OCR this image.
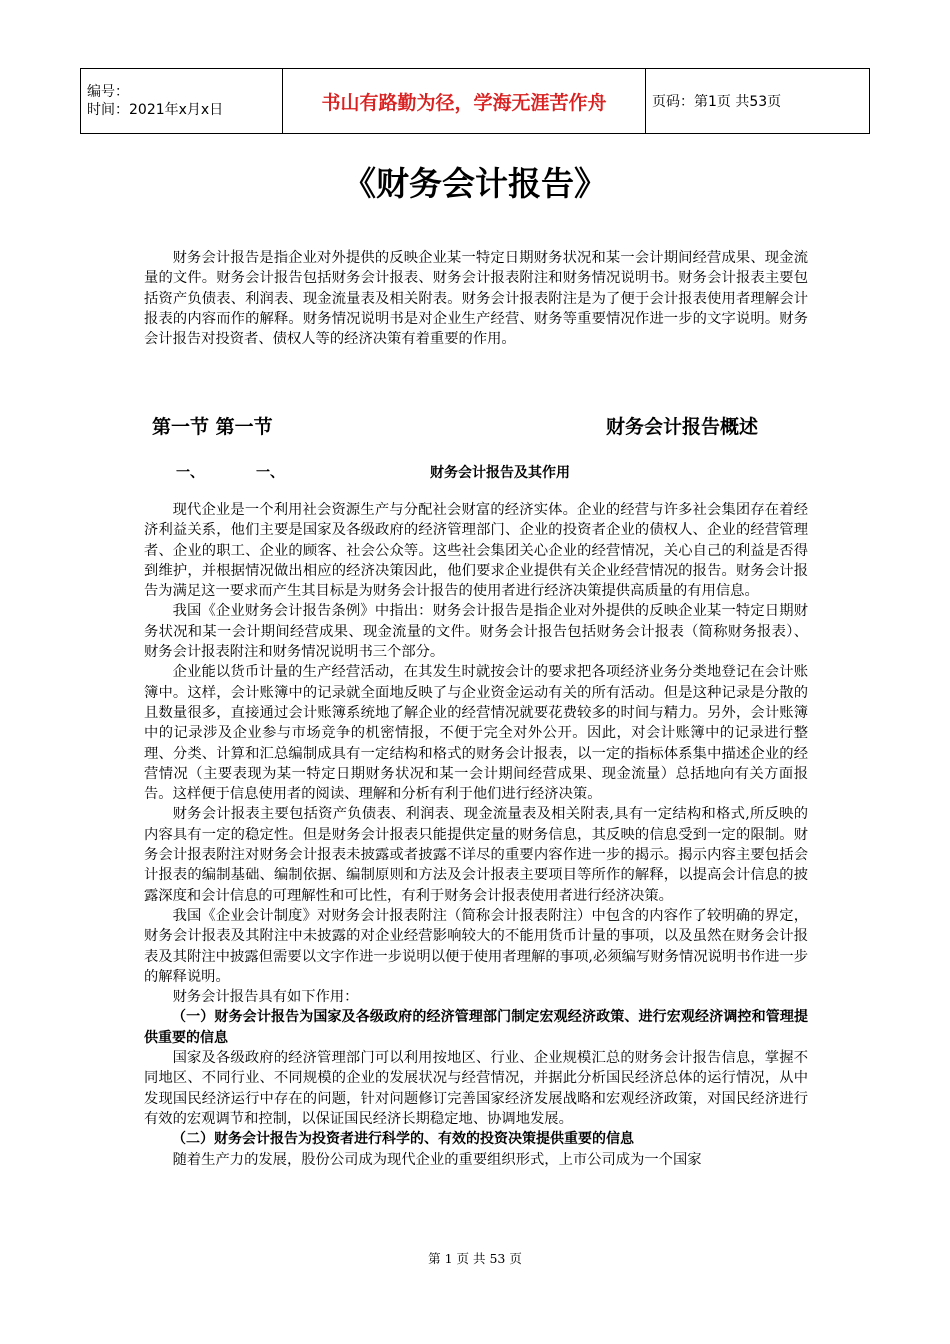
编号：
时间：2021年x月x日	书山有路勤为径，学海无涯苦作舟	页码：第1页 共53页
《财务会计报告》

财务会计报告是指企业对外提供的反映企业某一特定日期财务状况和某一会计期间经营成果、现金流量的文件。财务会计报告包括财务会计报表、财务会计报表附注和财务情况说明书。财务会计报表主要包括资产负债表、利润表、现金流量表及相关附表。财务会计报表附注是为了便于会计报表使用者理解会计报表的内容而作的解释。财务情况说明书是对企业生产经营、财务等重要情况作进一步的文字说明。财务会计报告对投资者、债权人等的经济决策有着重要的作用。

第一节 第一节	财务会计报告概述
一、	一、	财务会计报告及其作用

现代企业是一个利用社会资源生产与分配社会财富的经济实体。企业的经营与许多社会集团存在着经济利益关系，他们主要是国家及各级政府的经济管理部门、企业的投资者企业的债权人、企业的经营管理者、企业的职工、企业的顾客、社会公众等。这些社会集团关心企业的经营情况，关心自己的利益是否得到维护，并根据情况做出相应的经济决策因此，他们要求企业提供有关企业经营情况的报告。财务会计报告为满足这一要求而产生其目标是为财务会计报告的使用者进行经济决策提供高质量的有用信息。

我国《企业财务会计报告条例》中指出：财务会计报告是指企业对外提供的反映企业某一特定日期财务状况和某一会计期间经营成果、现金流量的文件。财务会计报告包括财务会计报表（简称财务报表）、财务会计报表附注和财务情况说明书三个部分。

企业能以货币计量的生产经营活动，在其发生时就按会计的要求把各项经济业务分类地登记在会计账簿中。这样，会计账簿中的记录就全面地反映了与企业资金运动有关的所有活动。但是这种记录是分散的且数量很多，直接通过会计账簿系统地了解企业的经营情况就要花费较多的时间与精力。另外，会计账簿中的记录涉及企业参与市场竞争的机密情报，不便于完全对外公开。因此，对会计账簿中的记录进行整理、分类、计算和汇总编制成具有一定结构和格式的财务会计报表，以一定的指标体系集中描述企业的经营情况（主要表现为某一特定日期财务状况和某一会计期间经营成果、现金流量）总括地向有关方面报告。这样便于信息使用者的阅读、理解和分析有利于他们进行经济决策。

财务会计报表主要包括资产负债表、利润表、现金流量表及相关附表,具有一定结构和格式,所反映的内容具有一定的稳定性。但是财务会计报表只能提供定量的财务信息，其反映的信息受到一定的限制。财务会计报表附注对财务会计报表未披露或者披露不详尽的重要内容作进一步的揭示。揭示内容主要包括会计报表的编制基础、编制依据、编制原则和方法及会计报表主要项目等所作的解释，以提高会计信息的披露深度和会计信息的可理解性和可比性，有利于财务会计报表使用者进行经济决策。

我国《企业会计制度》对财务会计报表附注（简称会计报表附注）中包含的内容作了较明确的界定，财务会计报表及其附注中未披露的对企业经营影响较大的不能用货币计量的事项，以及虽然在财务会计报表及其附注中披露但需要以文字作进一步说明以便于使用者理解的事项,必须编写财务情况说明书作进一步的解释说明。

财务会计报告具有如下作用：

（一）财务会计报告为国家及各级政府的经济管理部门制定宏观经济政策、进行宏观经济调控和管理提供重要的信息

国家及各级政府的经济管理部门可以利用按地区、行业、企业规模汇总的财务会计报告信息，掌握不同地区、不同行业、不同规模的企业的发展状况与经营情况，并据此分析国民经济总体的运行情况，从中发现国民经济运行中存在的问题，针对问题修订完善国家经济发展战略和宏观经济政策，对国民经济进行有效的宏观调节和控制，以保证国民经济长期稳定地、协调地发展。

（二）财务会计报告为投资者进行科学的、有效的投资决策提供重要的信息

随着生产力的发展，股份公司成为现代企业的重要组织形式，上市公司成为一个国家

第 1 页 共 53 页
